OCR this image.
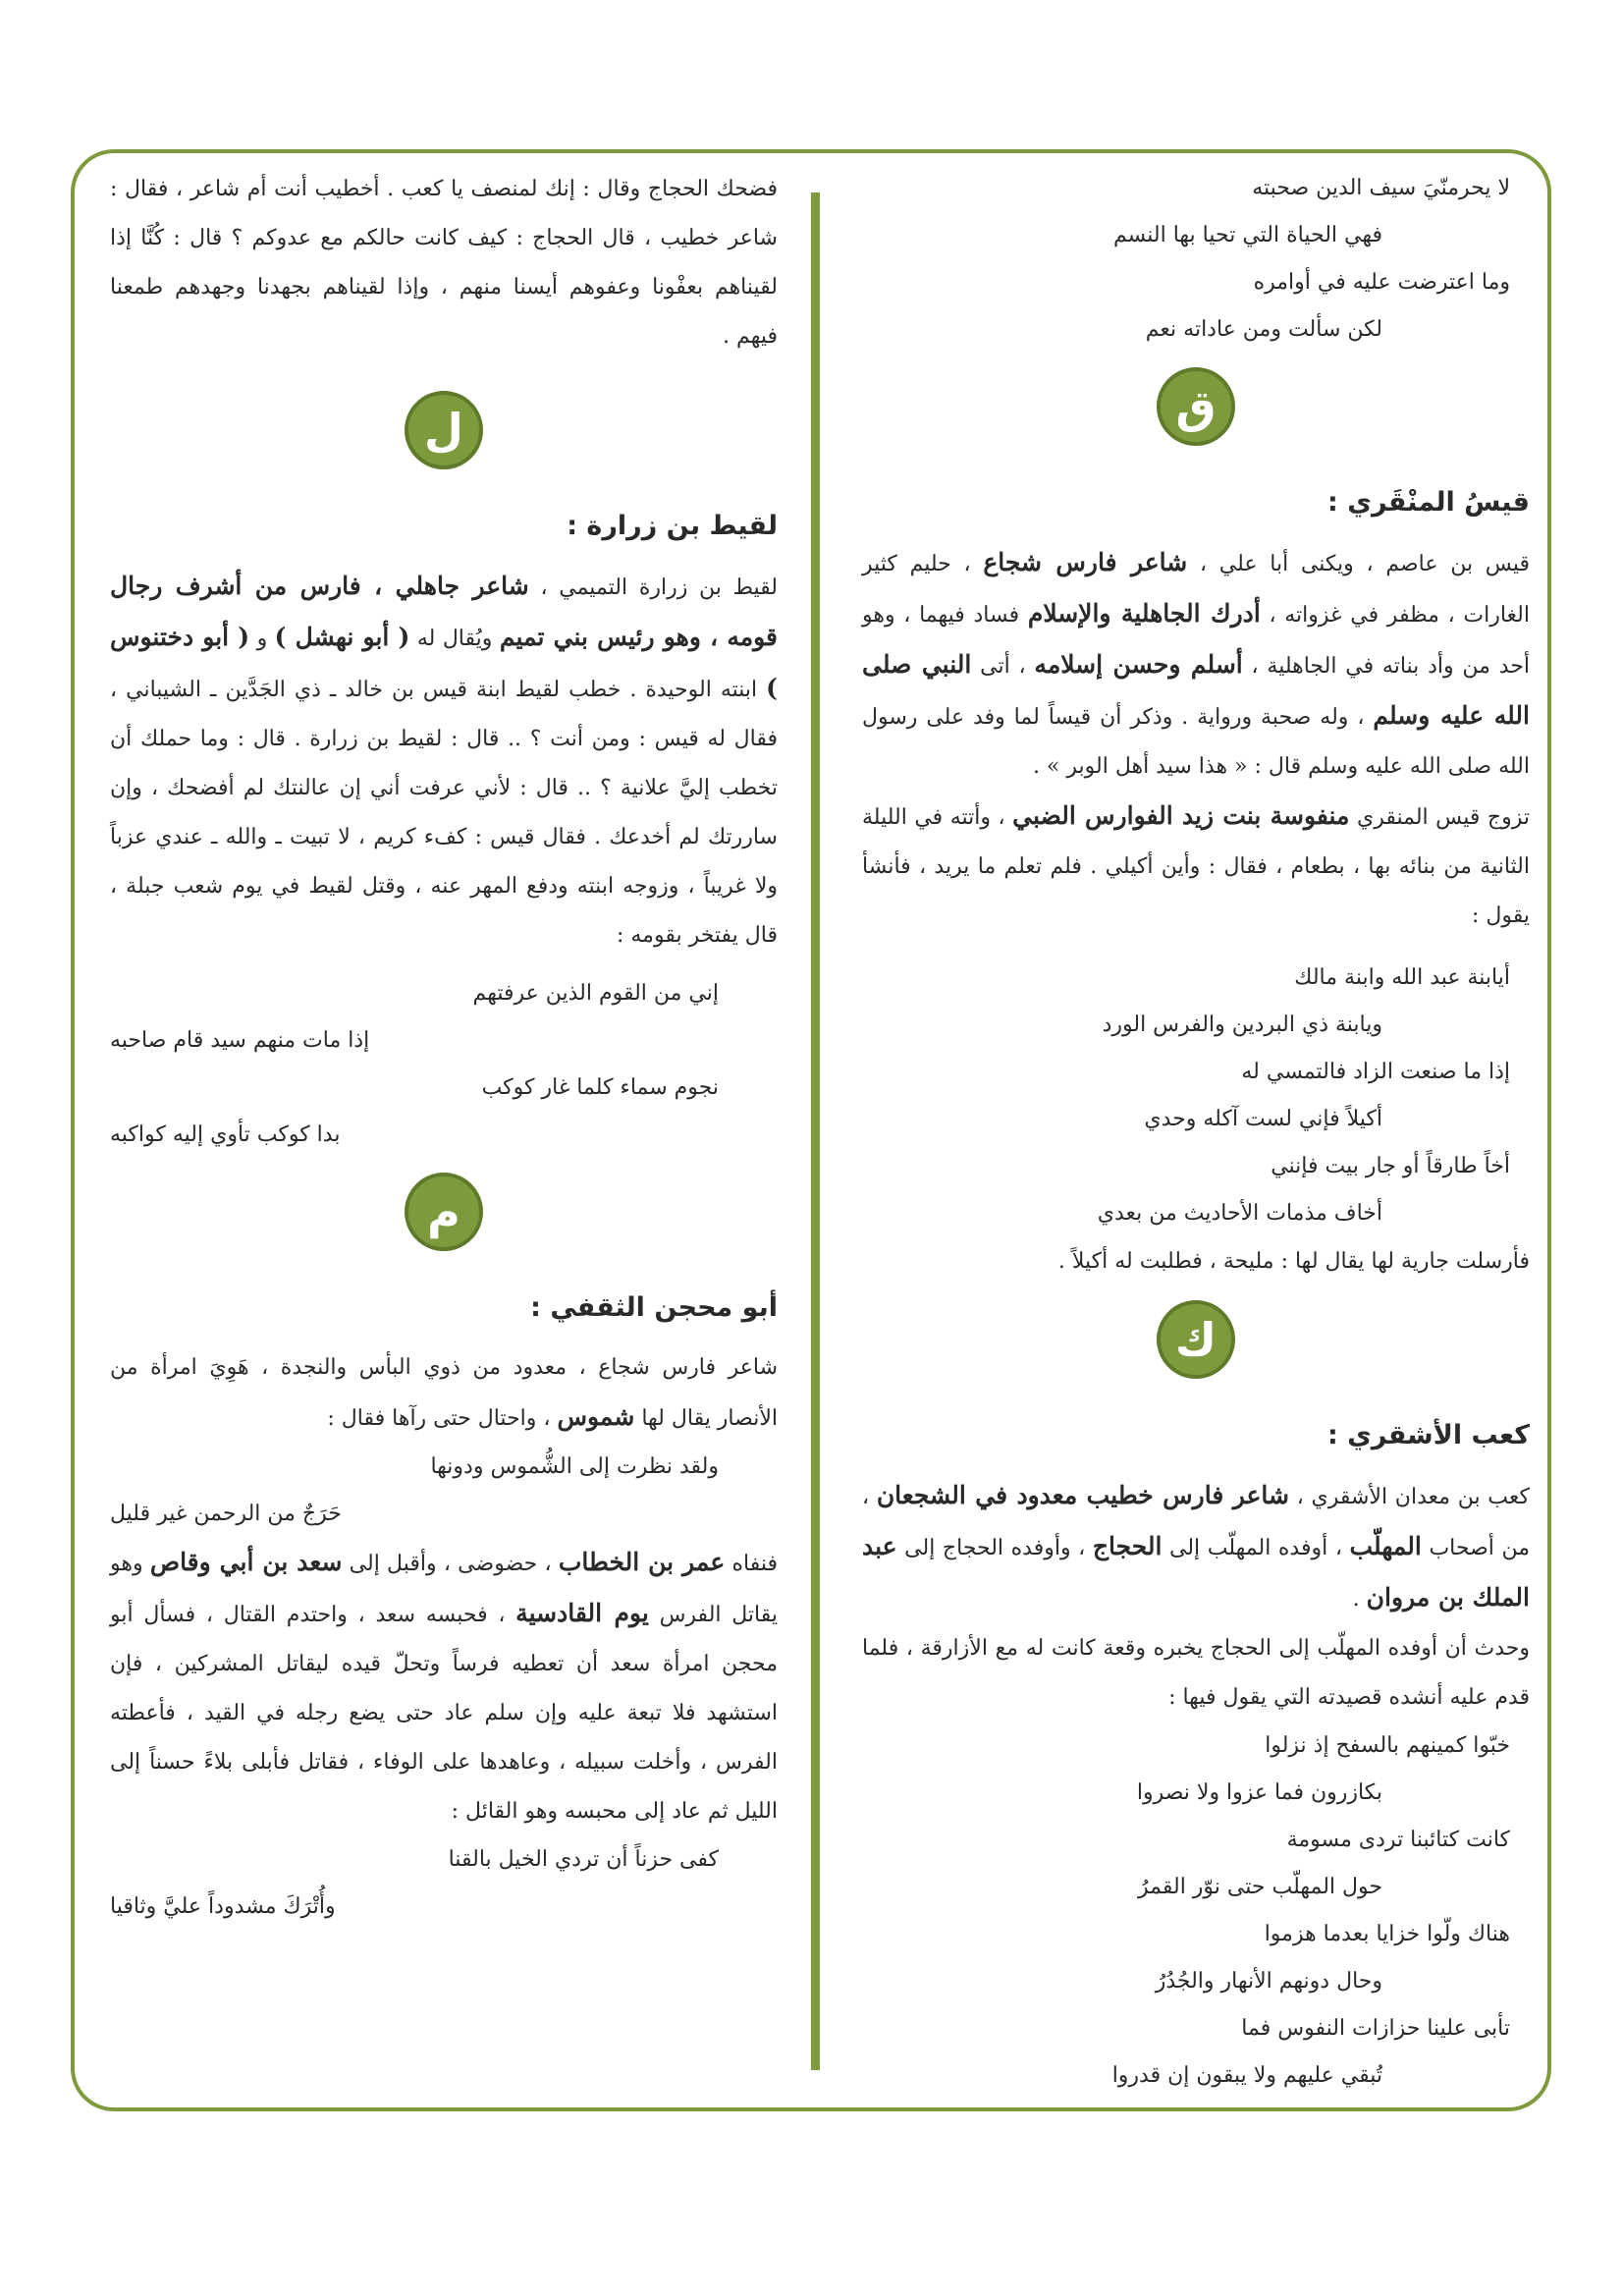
لا يحرمنّيَ سيف الدين صحبته
فهي الحياة التي تحيا بها النسم
وما اعترضت عليه في أوامره
لكن سألت ومن عاداته نعم
ق
قيسُ المنْقَري :

قيس بن عاصم ، ويكنى أبا علي ، شاعر فارس شجاع ، حليم كثير الغارات ، مظفر في غزواته ، أدرك الجاهلية والإسلام فساد فيهما ، وهو أحد من وأد بناته في الجاهلية ، أسلم وحسن إسلامه ، أتى النبي صلى الله عليه وسلم ، وله صحبة ورواية . وذكر أن قيساً لما وفد على رسول الله صلى الله عليه وسلم قال : « هذا سيد أهل الوبر » .

تزوج قيس المنقري منفوسة بنت زيد الفوارس الضبي ، وأتته في الليلة الثانية من بنائه بها ، بطعام ، فقال : وأين أكيلي . فلم تعلم ما يريد ، فأنشأ يقول :

أيابنة عبد الله وابنة مالك
ويابنة ذي البردين والفرس الورد
إذا ما صنعت الزاد فالتمسي له
أكيلاً فإني لست آكله وحدي
أخاً طارقاً أو جار بيت فإنني
أخاف مذمات الأحاديث من بعدي

فأرسلت جارية لها يقال لها : مليحة ، فطلبت له أكيلاً .

ك
كعب الأشقري :

كعب بن معدان الأشقري ، شاعر فارس خطيب معدود في الشجعان ، من أصحاب المهلّب ، أوفده المهلّب إلى الحجاج ، وأوفده الحجاج إلى عبد الملك بن مروان .

وحدث أن أوفده المهلّب إلى الحجاج يخبره وقعة كانت له مع الأزارقة ، فلما قدم عليه أنشده قصيدته التي يقول فيها :

خبّوا كمينهم بالسفح إذ نزلوا
بكازرون فما عزوا ولا نصروا
كانت كتائبنا تردى مسومة
حول المهلّب حتى نوّر القمرُ
هناك ولّوا خزايا بعدما هزموا
وحال دونهم الأنهار والجُدُرُ
تأبى علينا حزازات النفوس فما
تُبقي عليهم ولا يبقون إن قدروا

فضحك الحجاج وقال : إنك لمنصف يا كعب . أخطيب أنت أم شاعر ، فقال : شاعر خطيب ، قال الحجاج : كيف كانت حالكم مع عدوكم ؟ قال : كُنَّا إذا لقيناهم بعفْونا وعفوهم أيسنا منهم ، وإذا لقيناهم بجهدنا وجهدهم طمعنا فيهم .

ل
لقيط بن زرارة :

لقيط بن زرارة التميمي ، شاعر جاهلي ، فارس من أشرف رجال قومه ، وهو رئيس بني تميم ويُقال له ( أبو نهشل ) و ( أبو دختنوس ) ابنته الوحيدة . خطب لقيط ابنة قيس بن خالد ـ ذي الجَدَّين ـ الشيباني ، فقال له قيس : ومن أنت ؟ .. قال : لقيط بن زرارة . قال : وما حملك أن تخطب إليَّ علانية ؟ .. قال : لأني عرفت أني إن عالنتك لم أفضحك ، وإن ساررتك لم أخدعك . فقال قيس : كفء كريم ، لا تبيت ـ والله ـ عندي عزباً ولا غريباً ، وزوجه ابنته ودفع المهر عنه ، وقتل لقيط في يوم شعب جبلة ، قال يفتخر بقومه :

إني من القوم الذين عرفتهم
إذا مات منهم سيد قام صاحبه
نجوم سماء كلما غار كوكب
بدا كوكب تأوي إليه كواكبه
م
أبو محجن الثقفي :

شاعر فارس شجاع ، معدود من ذوي البأس والنجدة ، هَوِيَ امرأة من الأنصار يقال لها شموس ، واحتال حتى رآها فقال :

ولقد نظرت إلى الشُّموس ودونها
حَرَجٌ من الرحمن غير قليل

فنفاه عمر بن الخطاب ، حضوضى ، وأقبل إلى سعد بن أبي وقاص وهو يقاتل الفرس يوم القادسية ، فحبسه سعد ، واحتدم القتال ، فسأل أبو محجن امرأة سعد أن تعطيه فرساً وتحلّ قيده ليقاتل المشركين ، فإن استشهد فلا تبعة عليه وإن سلم عاد حتى يضع رجله في القيد ، فأعطته الفرس ، وأخلت سبيله ، وعاهدها على الوفاء ، فقاتل فأبلى بلاءً حسناً إلى الليل ثم عاد إلى محبسه وهو القائل :

كفى حزناً أن تردي الخيل بالقنا
وأُتْرَكَ مشدوداً عليَّ وثاقيا
